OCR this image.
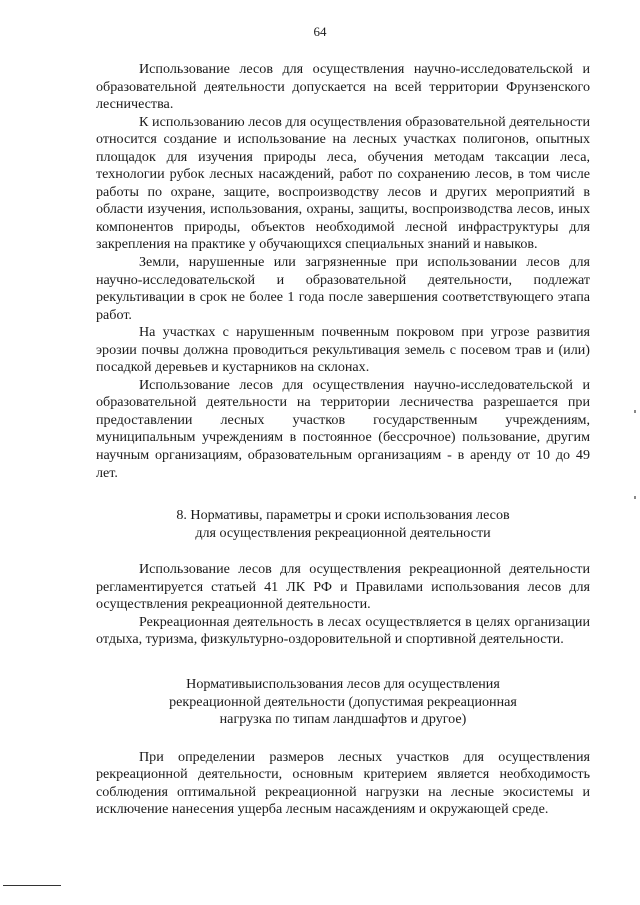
64

Использование лесов для осуществления научно-исследовательской и образовательной деятельности допускается на всей территории Фрунзенского лесничества.

К использованию лесов для осуществления образовательной деятельности относится создание и использование на лесных участках полигонов, опытных площадок для изучения природы леса, обучения методам таксации леса, технологии рубок лесных насаждений, работ по сохранению лесов, в том числе работы по охране, защите, воспроизводству лесов и других мероприятий в области изучения, использования, охраны, защиты, воспроизводства лесов, иных компонентов природы, объектов необходимой лесной инфраструктуры для закрепления на практике у обучающихся специальных знаний и навыков.

Земли, нарушенные или загрязненные при использовании лесов для научно-исследовательской и образовательной деятельности, подлежат рекультивации в срок не более 1 года после завершения соответствующего этапа работ.

На участках с нарушенным почвенным покровом при угрозе развития эрозии почвы должна проводиться рекультивация земель с посевом трав и (или) посадкой деревьев и кустарников на склонах.

Использование лесов для осуществления научно-исследовательской и образовательной деятельности на территории лесничества разрешается при предоставлении лесных участков государственным учреждениям, муниципальным учреждениям в постоянное (бессрочное) пользование, другим научным организациям, образовательным организациям - в аренду от 10 до 49 лет.

8. Нормативы, параметры и сроки использования лесов
для осуществления рекреационной деятельности

Использование лесов для осуществления рекреационной деятельности регламентируется статьей 41 ЛК РФ и Правилами использования лесов для осуществления рекреационной деятельности.

Рекреационная деятельность в лесах осуществляется в целях организации отдыха, туризма, физкультурно-оздоровительной и спортивной деятельности.

Нормативыиспользования лесов для осуществления
рекреационной деятельности (допустимая рекреационная
нагрузка по типам ландшафтов и другое)

При определении размеров лесных участков для осуществления рекреационной деятельности, основным критерием является необходимость соблюдения оптимальной рекреационной нагрузки на лесные экосистемы и исключение нанесения ущерба лесным насаждениям и окружающей среде.
